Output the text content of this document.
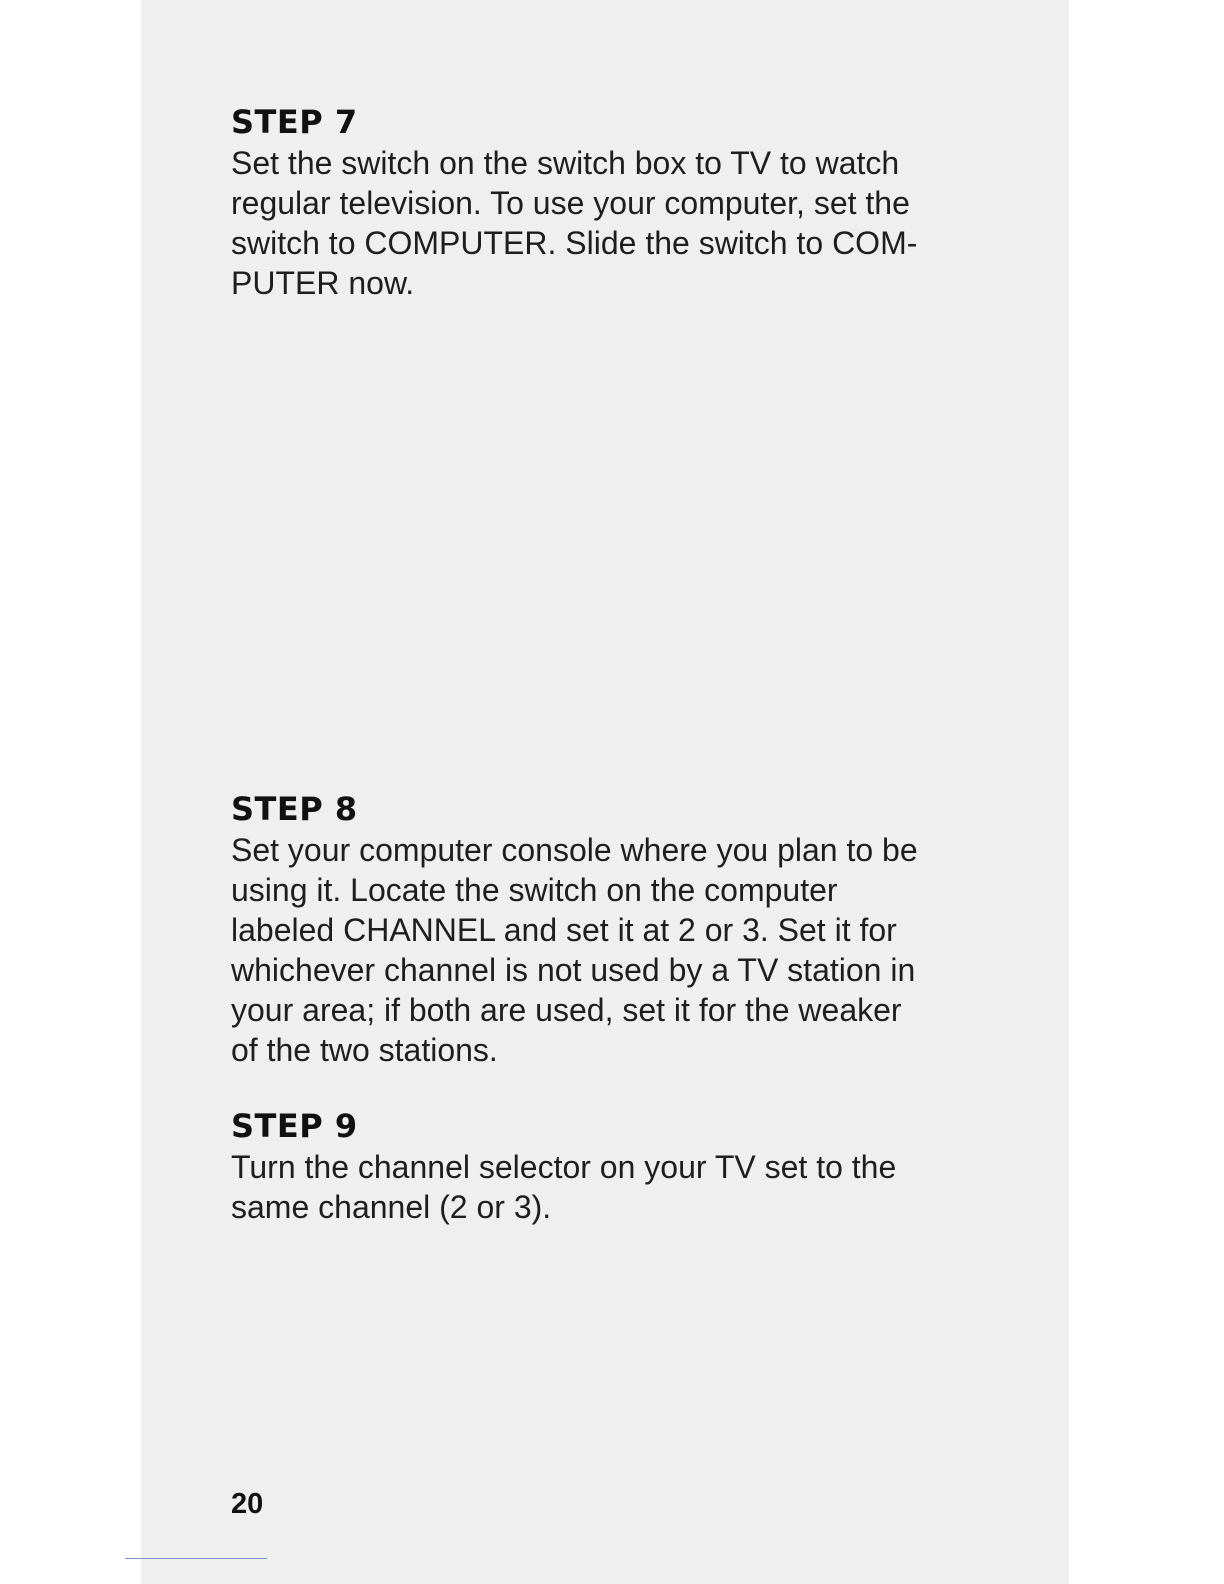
STEP 7

Set the switch on the switch box to TV to watch
regular television. To use your computer, set the
switch to COMPUTER. Slide the switch to COM-
PUTER now.

STEP 8

Set your computer console where you plan to be
using it. Locate the switch on the computer
labeled CHANNEL and set it at 2 or 3. Set it for
whichever channel is not used by a TV station in
your area; if both are used, set it for the weaker
of the two stations.

STEP 9

Turn the channel selector on your TV set to the
same channel (2 or 3).

20
